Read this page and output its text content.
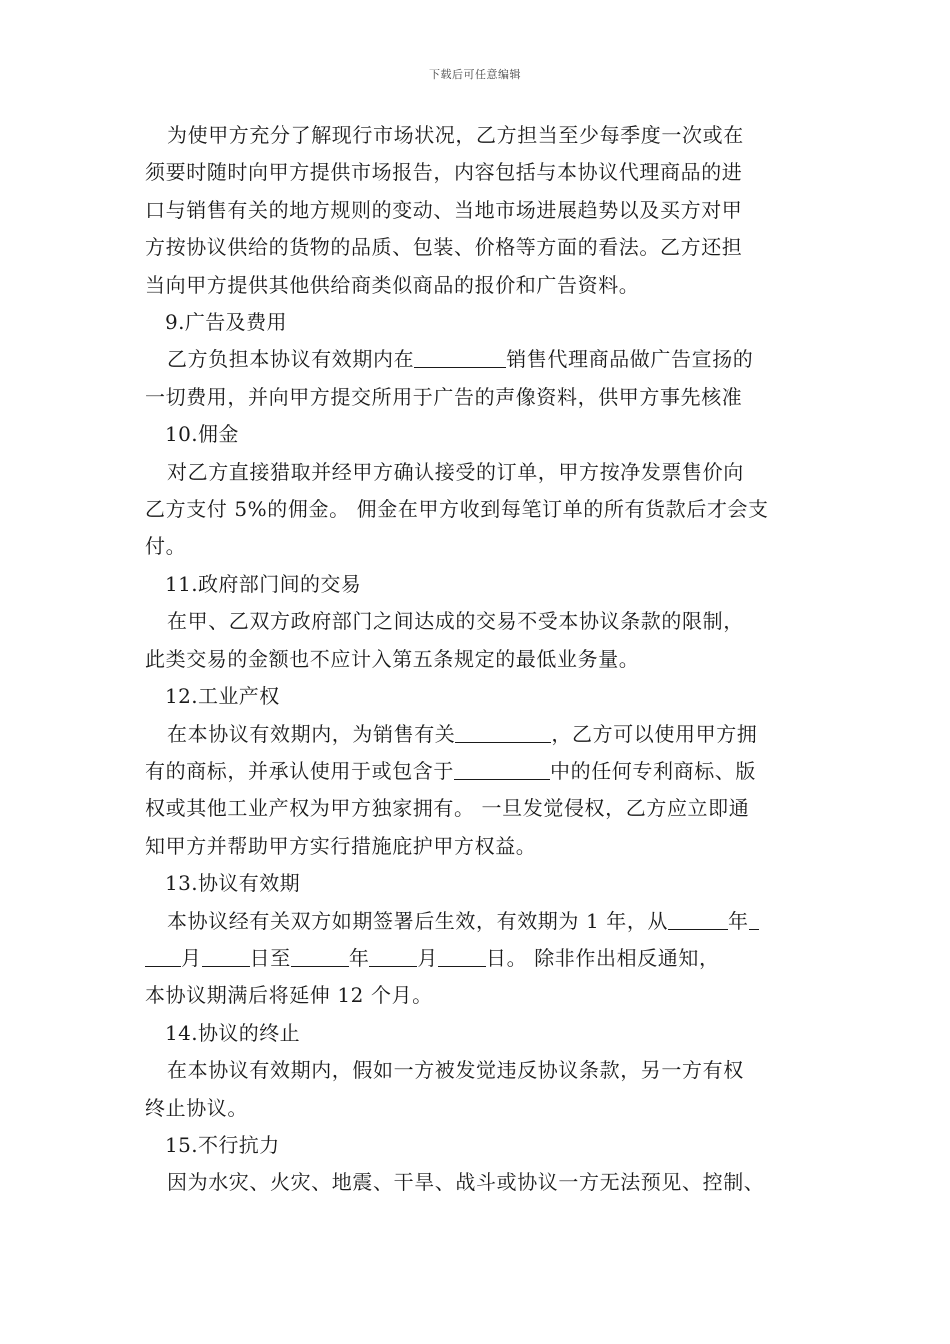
下载后可任意编辑

为使甲方充分了解现行市场状况，乙方担当至少每季度一次或在
须要时随时向甲方提供市场报告，内容包括与本协议代理商品的进
口与销售有关的地方规则的变动、当地市场进展趋势以及买方对甲
方按协议供给的货物的品质、包装、价格等方面的看法。乙方还担
当向甲方提供其他供给商类似商品的报价和广告资料。

9.广告及费用

乙方负担本协议有效期内在	销售代理商品做广告宣扬的
一切费用，并向甲方提交所用于广告的声像资料，供甲方事先核准

10.佣金

对乙方直接猎取并经甲方确认接受的订单，甲方按净发票售价向
乙方支付 5%的佣金。 佣金在甲方收到每笔订单的所有货款后才会支
付。

11.政府部门间的交易

在甲、乙双方政府部门之间达成的交易不受本协议条款的限制，
此类交易的金额也不应计入第五条规定的最低业务量。

12.工业产权

在本协议有效期内，为销售有关	，乙方可以使用甲方拥
有的商标，并承认使用于或包含于	中的任何专利商标、版
权或其他工业产权为甲方独家拥有。 一旦发觉侵权，乙方应立即通
知甲方并帮助甲方实行措施庇护甲方权益。

13.协议有效期

本协议经有关双方如期签署后生效，有效期为 1 年，从	年
月 日至	年 月 日。 除非作出相反通知，
本协议期满后将延伸 12 个月。

14.协议的终止

在本协议有效期内，假如一方被发觉违反协议条款，另一方有权
终止协议。

15.不行抗力

因为水灾、火灾、地震、干旱、战斗或协议一方无法预见、控制、
